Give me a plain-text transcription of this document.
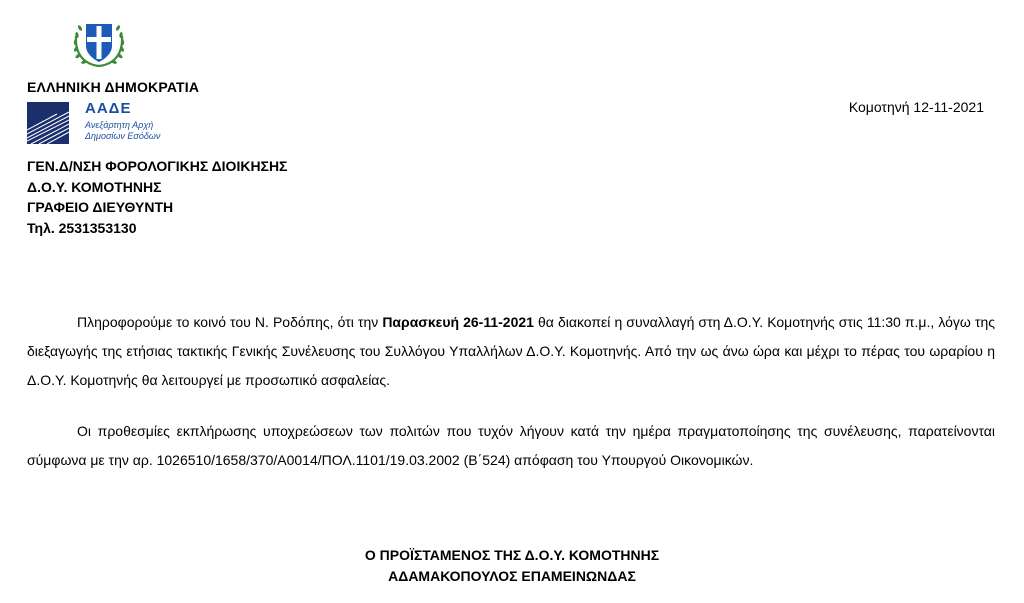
ΕΛΛΗΝΙΚΗ ΔΗΜΟΚΡΑΤΙΑ
ΑΑΔΕ
Ανεξάρτητη Αρχή
Δημοσίων Εσόδων
Κομοτηνή 12-11-2021
ΓΕΝ.Δ/ΝΣΗ ΦΟΡΟΛΟΓΙΚΗΣ ΔΙΟΙΚΗΣΗΣ
Δ.Ο.Υ. ΚΟΜΟΤΗΝΗΣ
ΓΡΑΦΕΙΟ ΔΙΕΥΘΥΝΤΗ
Τηλ. 2531353130

Πληροφορούμε το κοινό του Ν. Ροδόπης, ότι την Παρασκευή 26-11-2021 θα διακοπεί η συναλλαγή στη Δ.Ο.Υ. Κομοτηνής στις 11:30 π.μ., λόγω της διεξαγωγής της ετήσιας τακτικής Γενικής Συνέλευσης του Συλλόγου Υπαλλήλων Δ.Ο.Υ. Κομοτηνής. Από την ως άνω ώρα και μέχρι το πέρας του ωραρίου η Δ.Ο.Υ. Κομοτηνής θα λειτουργεί με προσωπικό ασφαλείας.

Οι προθεσμίες εκπλήρωσης υποχρεώσεων των πολιτών που τυχόν λήγουν κατά την ημέρα πραγματοποίησης της συνέλευσης, παρατείνονται σύμφωνα με την αρ. 1026510/1658/370/Α0014/ΠΟΛ.1101/19.03.2002 (Β΄524) απόφαση του Υπουργού Οικονομικών.

Ο ΠΡΟΪΣΤΑΜΕΝΟΣ ΤΗΣ Δ.Ο.Υ. ΚΟΜΟΤΗΝΗΣ
ΑΔΑΜΑΚΟΠΟΥΛΟΣ ΕΠΑΜΕΙΝΩΝΔΑΣ
